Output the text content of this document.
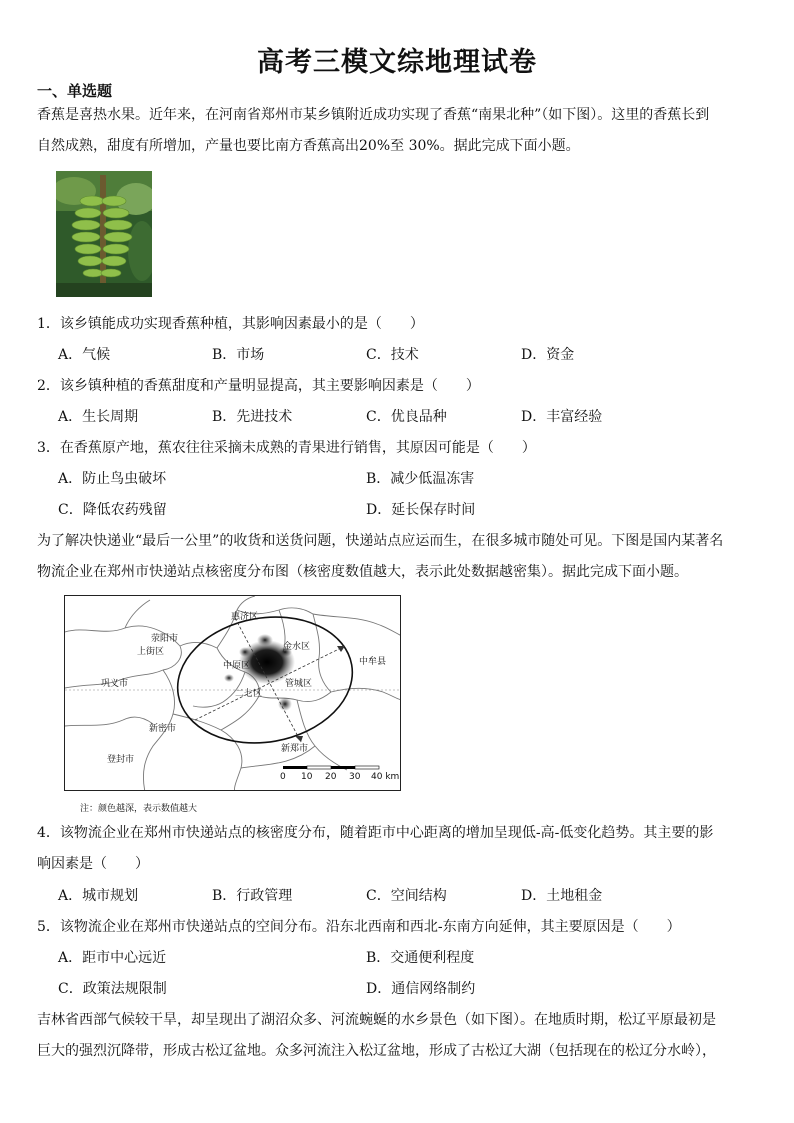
高考三模文综地理试卷
一、单选题
香蕉是喜热水果。近年来，在河南省郑州市某乡镇附近成功实现了香蕉“南果北种”（如下图）。这里的香蕉长到
自然成熟，甜度有所增加，产量也要比南方香蕉高出20%至 30%。据此完成下面小题。
1．该乡镇能成功实现香蕉种植，其影响因素最小的是（　　）
A．气候	B．市场	C．技术	D．资金
2．该乡镇种植的香蕉甜度和产量明显提高，其主要影响因素是（　　）
A．生长周期	B．先进技术	C．优良品种	D．丰富经验
3．在香蕉原产地，蕉农往往采摘未成熟的青果进行销售，其原因可能是（　　）
A．防止鸟虫破坏	B．减少低温冻害
C．降低农药残留	D．延长保存时间
为了解决快递业“最后一公里”的收货和送货问题，快递站点应运而生，在很多城市随处可见。下图是国内某著名
物流企业在郑州市快递站点核密度分布图（核密度数值越大，表示此处数据越密集）。据此完成下面小题。
惠济区
荥阳市
上街区	金水区
中原区	中牟县
巩义市	管城区
二七区
新密市
新郑市
登封市
0 10 20 30 40 km
注：颜色越深，表示数值越大
4．该物流企业在郑州市快递站点的核密度分布，随着距市中心距离的增加呈现低-高-低变化趋势。其主要的影
响因素是（　　）
A．城市规划	B．行政管理	C．空间结构	D．土地租金
5．该物流企业在郑州市快递站点的空间分布。沿东北西南和西北-东南方向延伸，其主要原因是（　　）
A．距市中心远近	B．交通便利程度
C．政策法规限制	D．通信网络制约
吉林省西部气候较干旱，却呈现出了湖沼众多、河流蜿蜒的水乡景色（如下图）。在地质时期，松辽平原最初是
巨大的强烈沉降带，形成古松辽盆地。众多河流注入松辽盆地，形成了古松辽大湖（包括现在的松辽分水岭），
